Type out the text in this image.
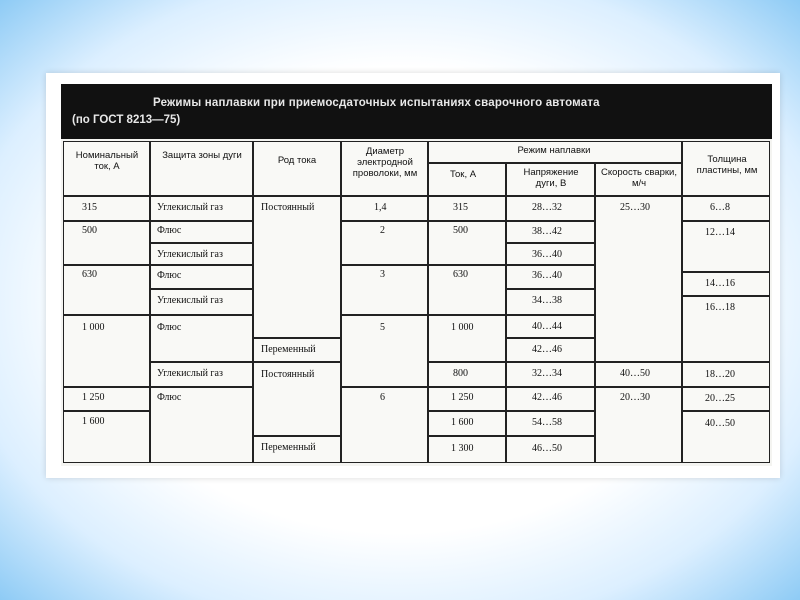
Режимы наплавки при приемосдаточных испытаниях сварочного автомата
(по ГОСТ 8213—75)
Номинальный ток, А
Защита зоны дуги	Род тока
Диаметр электродной проволоки, мм
Режим наплавки
Ток, А	Напряжение дуги, В
Скорость сварки, м/ч
Толщина пластины, мм
315
500
630
1 000
1 250
1 600
Углекислый газ
Флюс
Углекислый газ
Флюс
Углекислый газ
Флюс
Углекислый газ
Флюс
Постоянный
Переменный
Постоянный
Переменный
1,4
2
3
5
6
315
500
630
1 000
800
1 250
1 600
1 300
28…32
38…42
36…40
36…40
34…38
40…44
42…46
32…34
42…46
54…58
46…50
25…30
40…50
20…30
6…8
12…14
14…16
16…18
18…20
20…25
40…50
